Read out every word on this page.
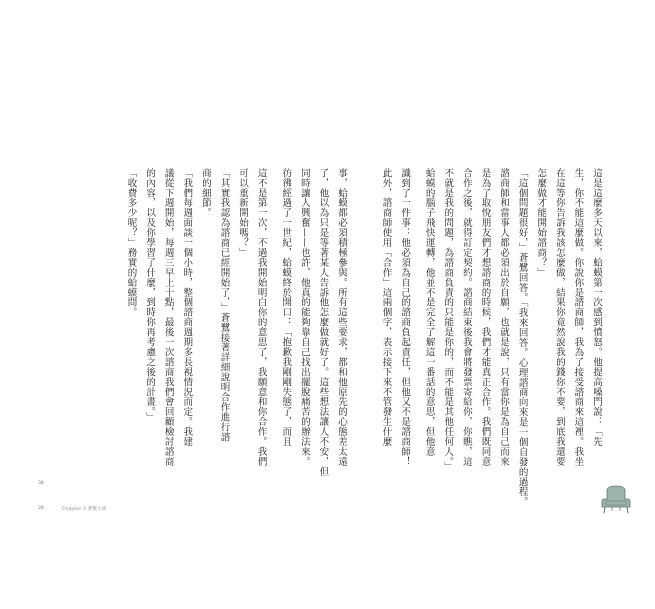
這是這麼多天以來，蛤蟆第一次感到憤怒。他提高嗓門說：「先

生，你不能這麼做。你說你是諮商師，我為了接受諮商來這裡。我坐

在這等你告訴我該怎麼做，結果你竟然說我的錢你不要，到底我還要

怎麼做才能開始諮商？」

「這個問題很好，」蒼鷺回答。「我來回答。心理諮商向來是一個自發的過程。

諮商師和當事人都必須出於自願，也就是說，只有當你是為自己而來

是為了取悅朋友們才想諮商的時候，我們才能真正合作。我們既同意

合作之後，就得訂定契約。諮商結束後我會將發票寄給你，你瞧，這

不就是我的問題，為諮商負責的只能是你的，而不能是其他任何人。」

蛤蟆的腦子飛快運轉，他並不是完全了解這一番話的意思，但他意

識到了一件事：他必須為自己的諮商負起責任，但他又不是諮商師！

此外，諮商師使用「合作」這兩個字，表示接下來不管發生什麼

事，蛤蟆都必須積極參與。所有這些要求，都和他原先的心態差太遠

了，他以為只是等著某人告訴他怎麼做就好了。這些想法讓人不安，但

同時讓人興奮——也許，他真的能夠靠自己找出擺脫痛苦的辦法來。

彷彿經過了一世紀，蛤蟆終於開口：「抱歉我剛剛失態了，而且

這不是第一次，不過我開始明白你的意思了，我願意和你合作。我們

可以重新開始嗎？」

「其實我認為諮商已經開始了，」蒼鷺接著詳細說明合作進行諮

商的細節。

「我們每週面談一個小時，整個諮商週期多長視情況而定。我建

議從下週開始，每週三早上十點，最後一次諮商我們會回顧檢討諮商

的內容，以及你學習了什麼，到時你再考慮之後的計畫。」

「收費多少呢？」務實的蛤蟆問。

38
39	Chapter 3 蒼鷺小姐
